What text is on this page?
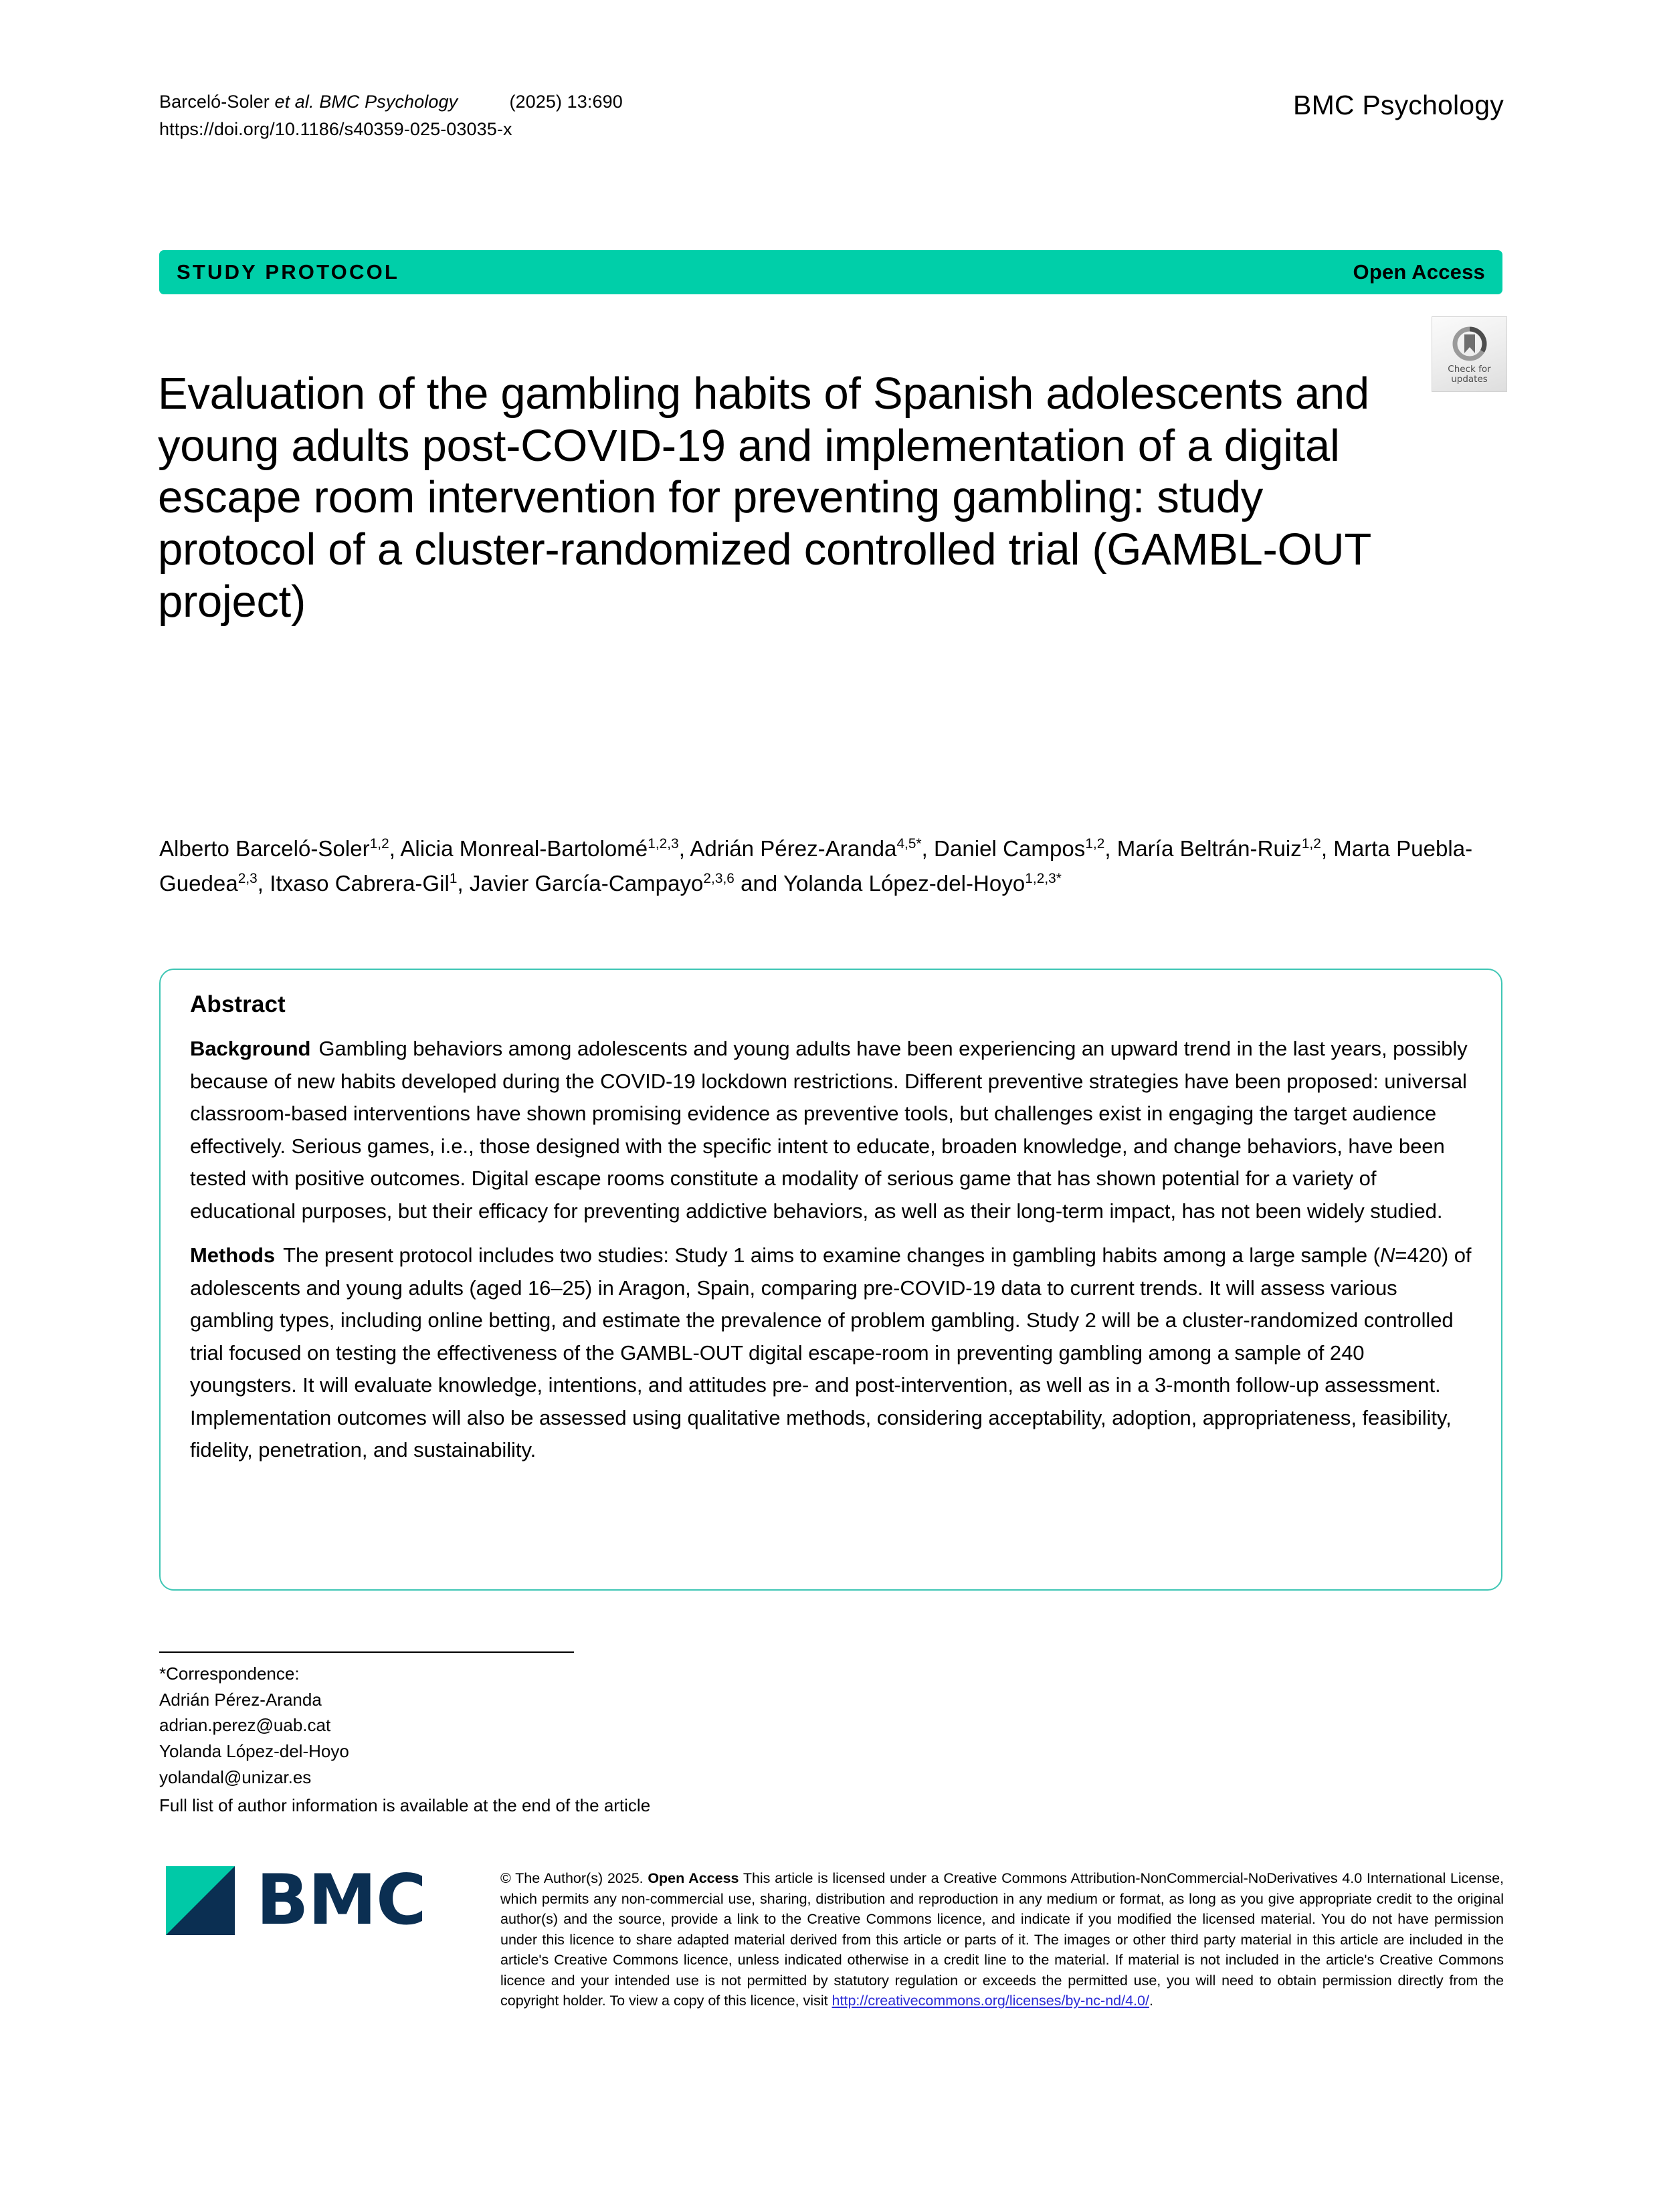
Barceló-Soler et al. BMC Psychology	(2025) 13:690
https://doi.org/10.1186/s40359-025-03035-x
BMC Psychology
STUDY PROTOCOL	Open Access
Check for
updates
Evaluation of the gambling habits of Spanish adolescents and young adults post-COVID-19 and implementation of a digital escape room intervention for preventing gambling: study protocol of a cluster-randomized controlled trial (GAMBL-OUT project)
Alberto Barceló-Soler$^{1,2}$, Alicia Monreal-Bartolomé$^{1,2,3}$, Adrián Pérez-Aranda$^{4,5*}$, Daniel Campos$^{1,2}$, María Beltrán-Ruiz$^{1,2}$, Marta Puebla-Guedea$^{2,3}$, Itxaso Cabrera-Gil$^1$, Javier García-Campayo$^{2,3,6}$ and Yolanda López-del-Hoyo$^{1,2,3*}$
Abstract

Background Gambling behaviors among adolescents and young adults have been experiencing an upward trend in the last years, possibly because of new habits developed during the COVID-19 lockdown restrictions. Different preventive strategies have been proposed: universal classroom-based interventions have shown promising evidence as preventive tools, but challenges exist in engaging the target audience effectively. Serious games, i.e., those designed with the specific intent to educate, broaden knowledge, and change behaviors, have been tested with positive outcomes. Digital escape rooms constitute a modality of serious game that has shown potential for a variety of educational purposes, but their efficacy for preventing addictive behaviors, as well as their long-term impact, has not been widely studied.

Methods The present protocol includes two studies: Study 1 aims to examine changes in gambling habits among a large sample (N=420) of adolescents and young adults (aged 16–25) in Aragon, Spain, comparing pre-COVID-19 data to current trends. It will assess various gambling types, including online betting, and estimate the prevalence of problem gambling. Study 2 will be a cluster-randomized controlled trial focused on testing the effectiveness of the GAMBL-OUT digital escape-room in preventing gambling among a sample of 240 youngsters. It will evaluate knowledge, intentions, and attitudes pre- and post-intervention, as well as in a 3-month follow-up assessment. Implementation outcomes will also be assessed using qualitative methods, considering acceptability, adoption, appropriateness, feasibility, fidelity, penetration, and sustainability.

*Correspondence:
Adrián Pérez-Aranda
adrian.perez@uab.cat
Yolanda López-del-Hoyo
yolandal@unizar.es
Full list of author information is available at the end of the article
BMC	© The Author(s) 2025. Open Access This article is licensed under a Creative Commons Attribution-NonCommercial-NoDerivatives 4.0 International License, which permits any non-commercial use, sharing, distribution and reproduction in any medium or format, as long as you give appropriate credit to the original author(s) and the source, provide a link to the Creative Commons licence, and indicate if you modified the licensed material. You do not have permission under this licence to share adapted material derived from this article or parts of it. The images or other third party material in this article are included in the article's Creative Commons licence, unless indicated otherwise in a credit line to the material. If material is not included in the article's Creative Commons licence and your intended use is not permitted by statutory regulation or exceeds the permitted use, you will need to obtain permission directly from the copyright holder. To view a copy of this licence, visit http://creativecommons.org/licenses/by-nc-nd/4.0/.
